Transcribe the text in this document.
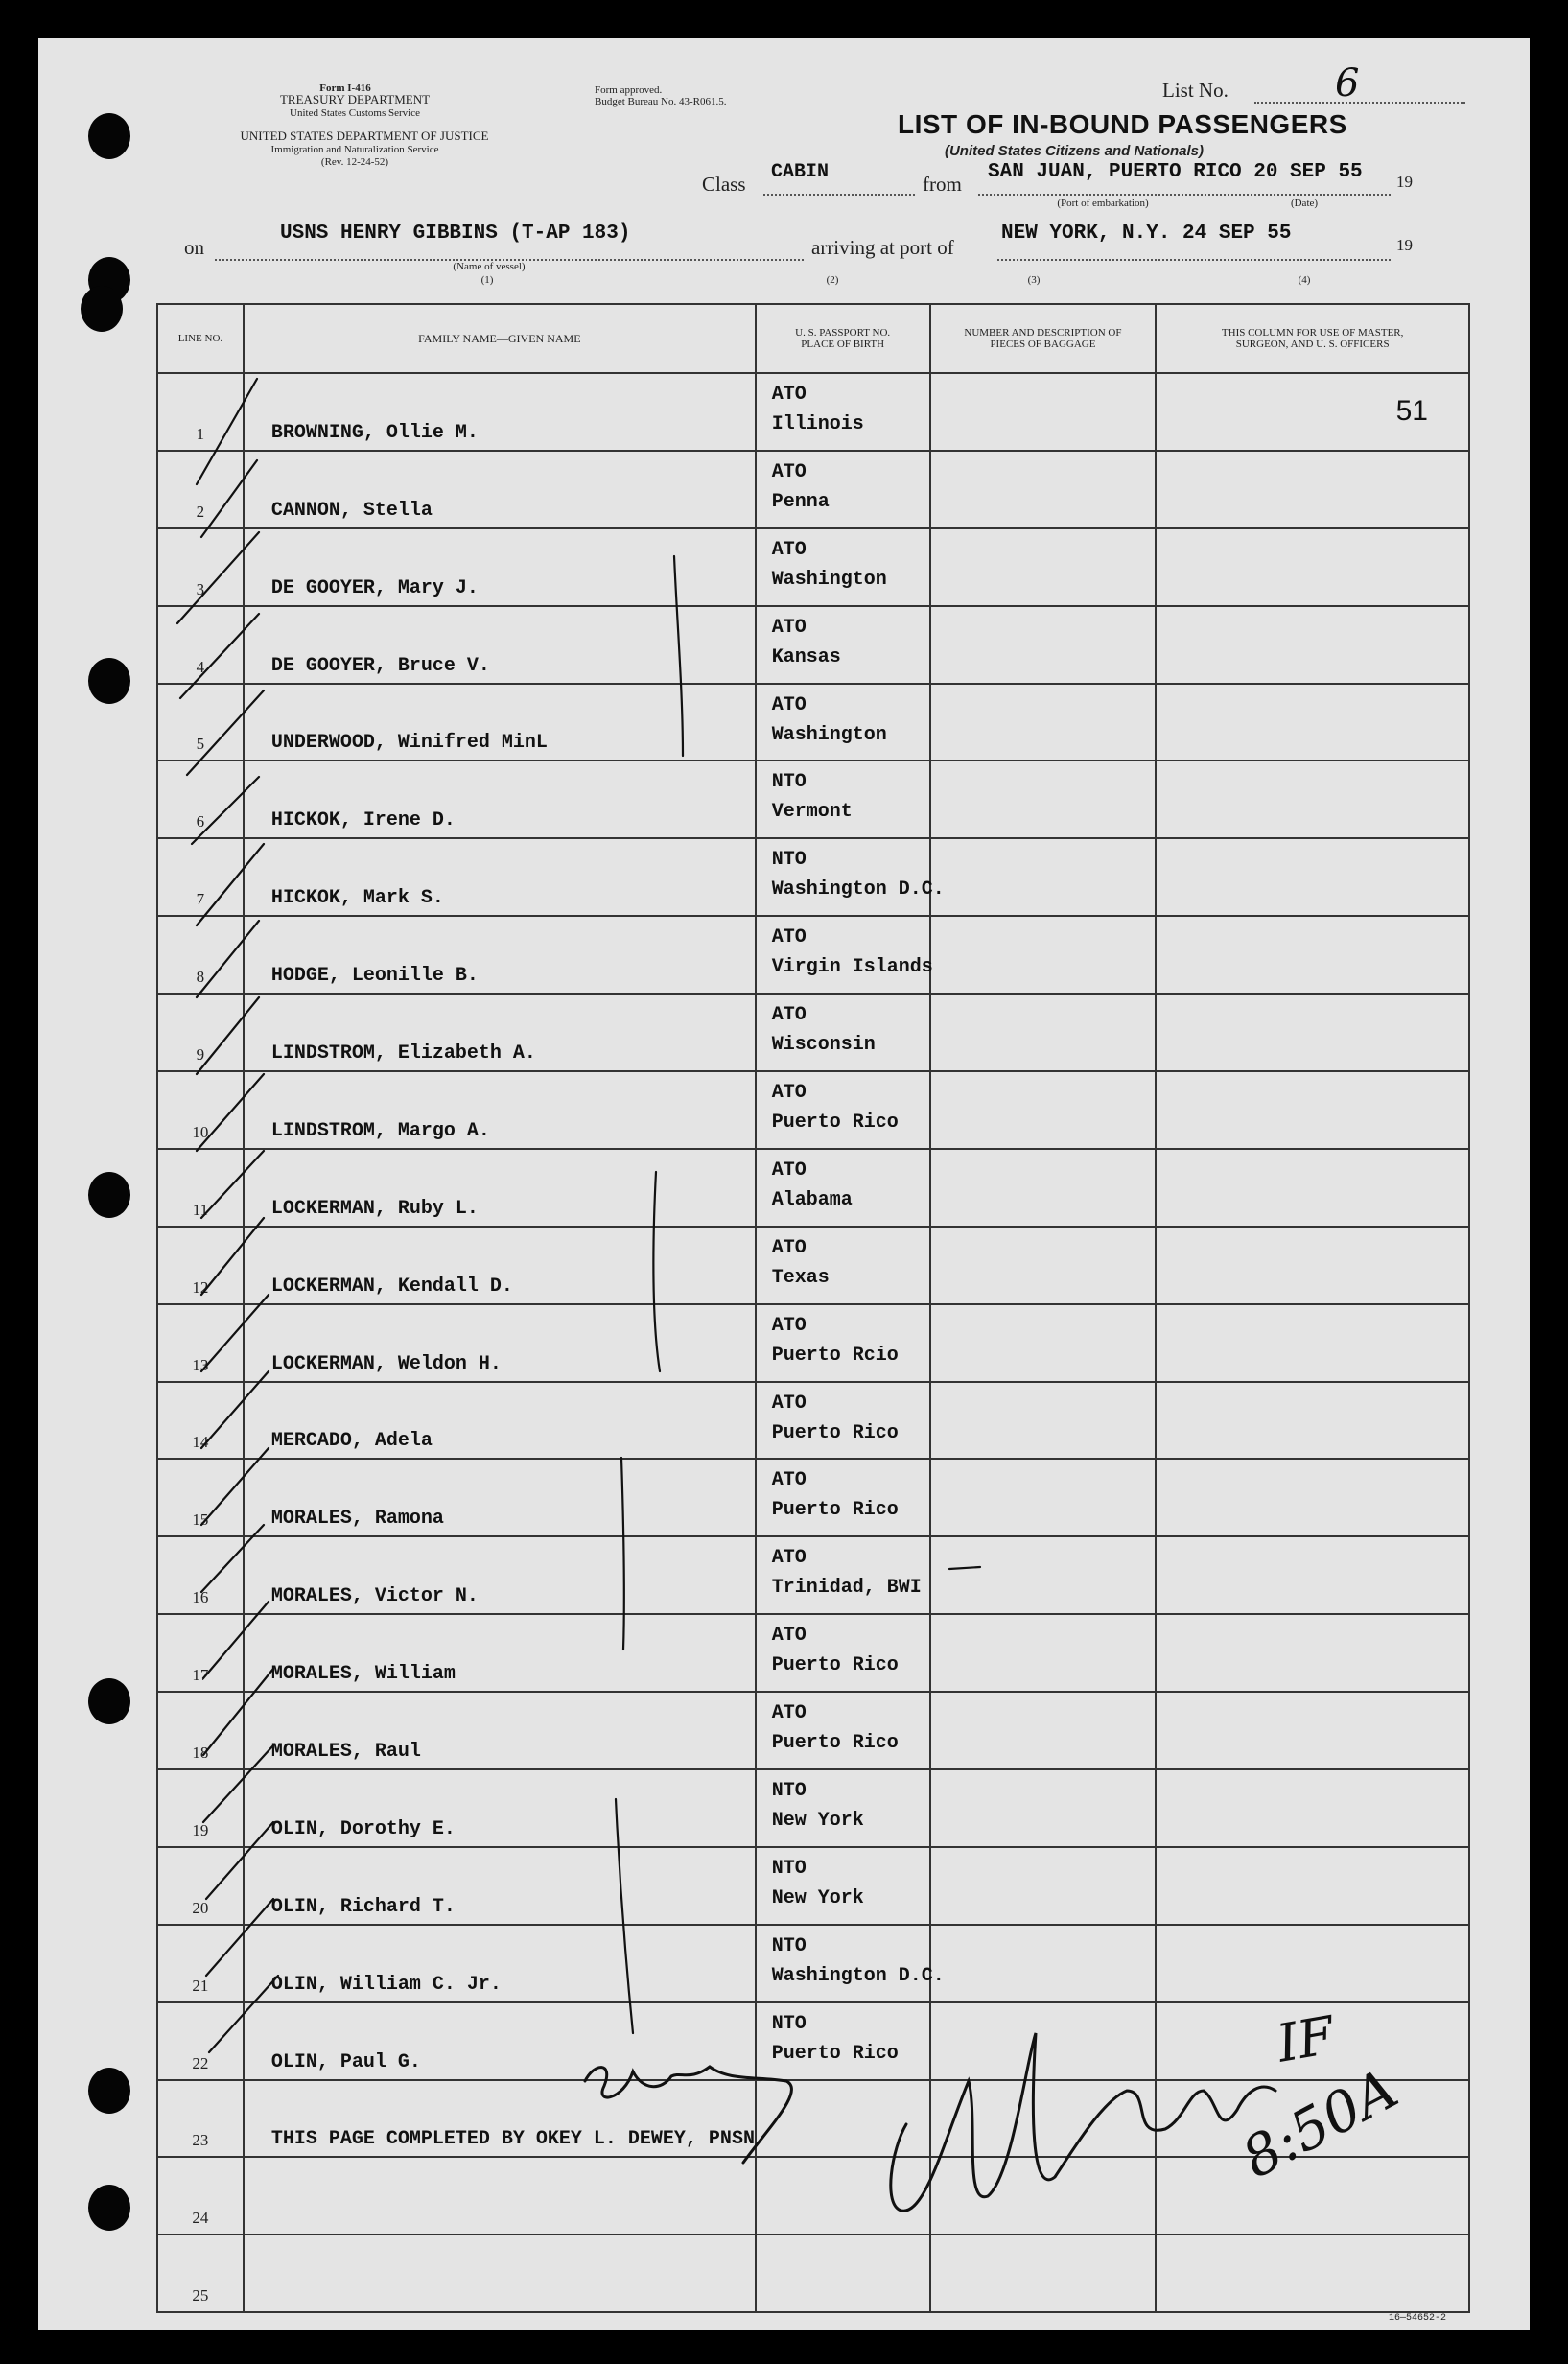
Form I-416
TREASURY DEPARTMENT
United States Customs Service
UNITED STATES DEPARTMENT OF JUSTICE
Immigration and Naturalization Service
(Rev. 12-24-52)
Form approved.
Budget Bureau No. 43-R061.5.	List No.	6
LIST OF IN-BOUND PASSENGERS
(United States Citizens and Nationals)
Class
CABIN
from
SAN JUAN, PUERTO RICO 20 SEP 55 19
(Port of embarkation)	(Date)
on
USNS HENRY GIBBINS (T-AP 183)
(Name of vessel)
arriving at port of
NEW YORK, N.Y. 24 SEP 55
19
(1)	(2)	(3)	(4)
LINE NO.	FAMILY NAME—GIVEN NAME	U. S. PASSPORT NO. PLACE OF BIRTH	NUMBER AND DESCRIPTION OF PIECES OF BAGGAGE	THIS COLUMN FOR USE OF MASTER, SURGEON, AND U. S. OFFICERS

1	BROWNING, Ollie M.	ATO
Illinois		51

2	CANNON, Stella	ATO
Penna		

3	DE GOOYER, Mary J.	ATO
Washington		

4	DE GOOYER, Bruce V.	ATO
Kansas		

5	UNDERWOOD, Winifred MinL	ATO
Washington		

6	HICKOK, Irene D.	NTO
Vermont		

7	HICKOK, Mark S.	NTO
Washington D.C.		

8	HODGE, Leonille B.	ATO
Virgin Islands		

9	LINDSTROM, Elizabeth A.	ATO
Wisconsin		

10	LINDSTROM, Margo A.	ATO
Puerto Rico		

11	LOCKERMAN, Ruby L.	ATO
Alabama		

12	LOCKERMAN, Kendall D.	ATO
Texas		

13	LOCKERMAN, Weldon H.	ATO
Puerto Rcio		

14	MERCADO, Adela	ATO
Puerto Rico		

15	MORALES, Ramona	ATO
Puerto Rico		

16	MORALES, Victor N.	ATO
Trinidad, BWI		

17	MORALES, William	ATO
Puerto Rico		

18	MORALES, Raul	ATO
Puerto Rico		

19	OLIN, Dorothy E.	NTO
New York		

20	OLIN, Richard T.	NTO
New York		

21	OLIN, William C. Jr.	NTO
Washington D.C.		

22	OLIN, Paul G.	NTO
Puerto Rico		

23	THIS PAGE COMPLETED BY OKEY L. DEWEY, PNSN			

24				

25				

IF
8:50A
16—54652-2
